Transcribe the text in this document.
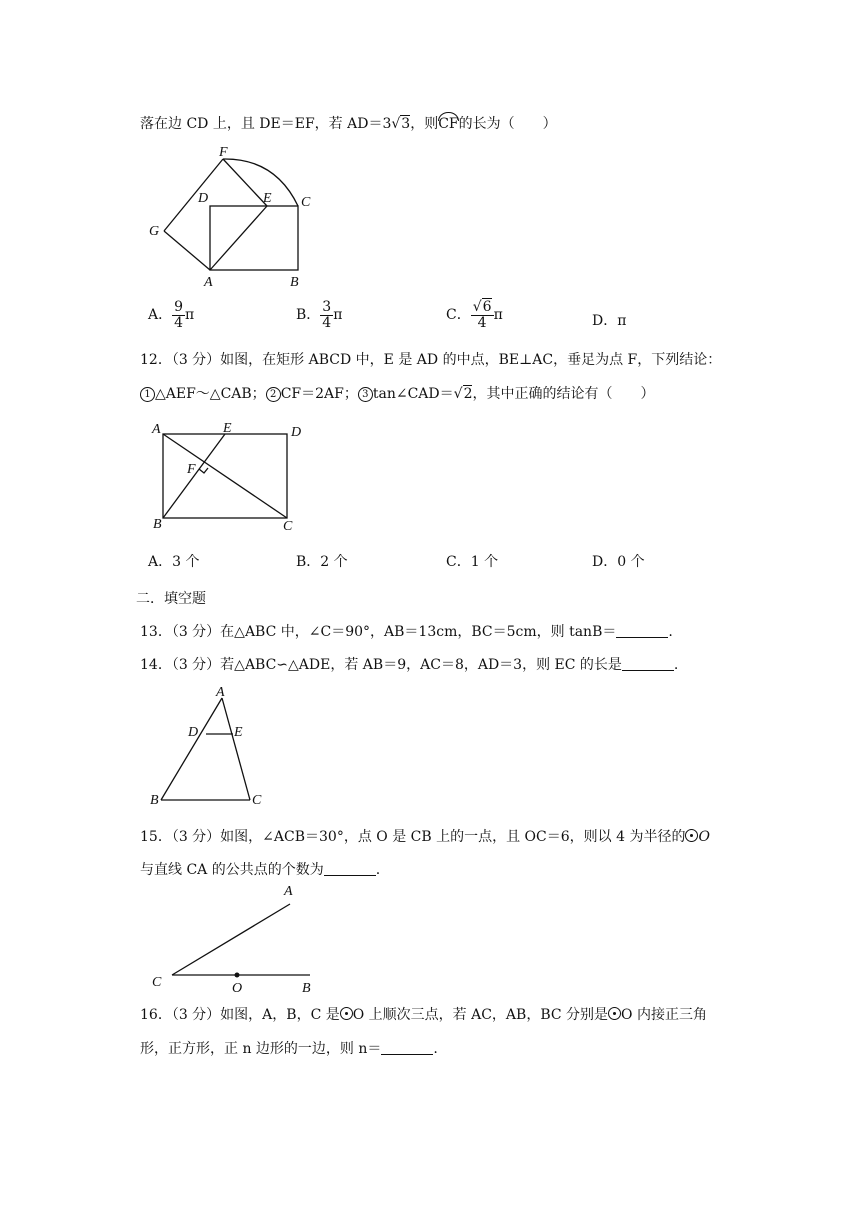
落在边 CD 上，且 DE＝EF，若 AD＝3√3，则CF的长为（　　）
F
D	E C
G
A	B
A． $\frac{9}{4}$ π	B． $\frac{3}{4}$ π	C． $\frac{√6}{4}$ π	D．π
12．（3 分）如图，在矩形 ABCD 中，E 是 AD 的中点，BE⊥AC，垂足为点 F，下列结论：
1 △AEF～△CAB； 2 CF＝2AF； 3 tan∠CAD＝√2，其中正确的结论有（　　）
A	E	D
F
B	C
A．3 个	B．2 个	C．1 个	D．0 个
二．填空题
13．（3 分）在△ABC 中，∠C＝90°，AB＝13cm，BC＝5cm，则 tanB＝	.
14．（3 分）若△ABC∽△ADE，若 AB＝9，AC＝8，AD＝3，则 EC 的长是	.
A
D	E
B	C
15．（3 分）如图，∠ACB＝30°，点 O 是 CB 上的一点，且 OC＝6，则以 4 为半径的 O
与直线 CA 的公共点的个数为	.
A
C	O	B
16．（3 分）如图，A，B，C 是 O 上顺次三点，若 AC，AB，BC 分别是 O 内接正三角
形，正方形，正 n 边形的一边，则 n＝	.
